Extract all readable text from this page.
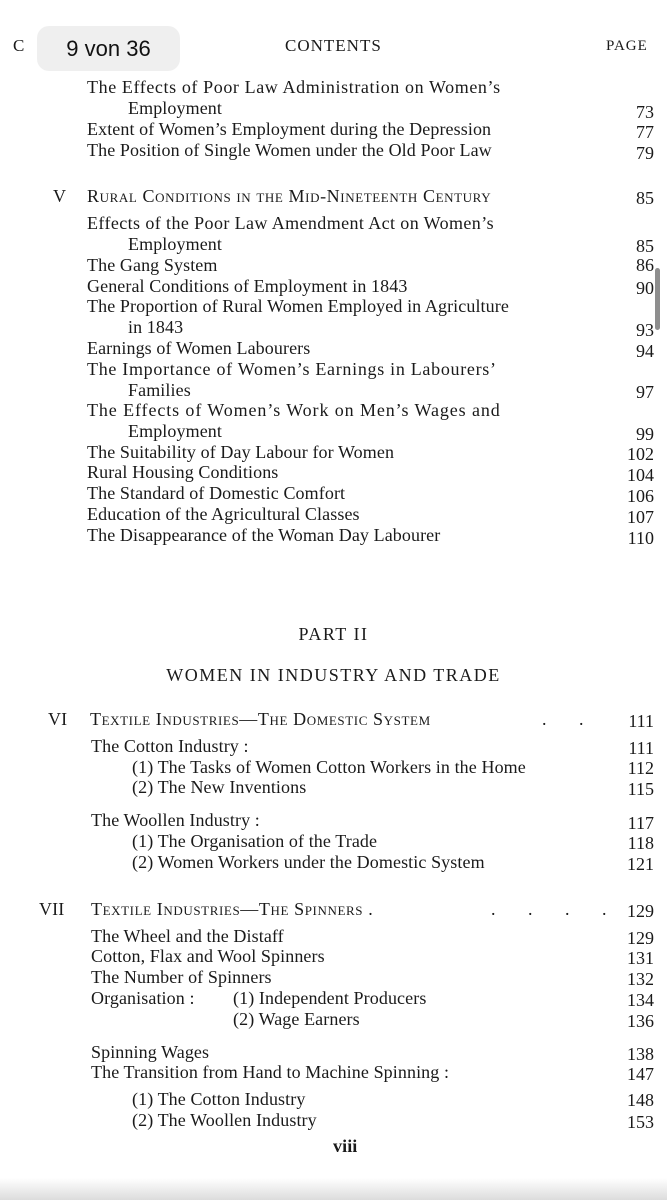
C	CONTENTS	PAGE
9 von 36
The Effects of Poor Law Administration on Women’s
Employment	73
Extent of Women’s Employment during the Depression	77
The Position of Single Women under the Old Poor Law	79
V Rural Conditions in the Mid-Nineteenth Century	85
Effects of the Poor Law Amendment Act on Women’s
Employment	85
The Gang System	86
General Conditions of Employment in 1843	90
The Proportion of Rural Women Employed in Agriculture
in 1843	93
Earnings of Women Labourers	94
The Importance of Women’s Earnings in Labourers’
Families	97
The Effects of Women’s Work on Men’s Wages and
Employment	99
The Suitability of Day Labour for Women	102
Rural Housing Conditions	104
The Standard of Domestic Comfort	106
Education of the Agricultural Classes	107
The Disappearance of the Woman Day Labourer	110
PART II
WOMEN IN INDUSTRY AND TRADE
VI Textile Industries—The Domestic System	. . 111
The Cotton Industry :	111
(1) The Tasks of Women Cotton Workers in the Home	112
(2) The New Inventions	115
The Woollen Industry :	117
(1) The Organisation of the Trade	118
(2) Women Workers under the Domestic System	121
VII Textile Industries—The Spinners .	. . . . 129
The Wheel and the Distaff	129
Cotton, Flax and Wool Spinners	131
The Number of Spinners	132
Organisation : (1) Independent Producers	134
(2) Wage Earners	136
Spinning Wages	138
The Transition from Hand to Machine Spinning :	147
(1) The Cotton Industry	148
(2) The Woollen Industry	153
viii
